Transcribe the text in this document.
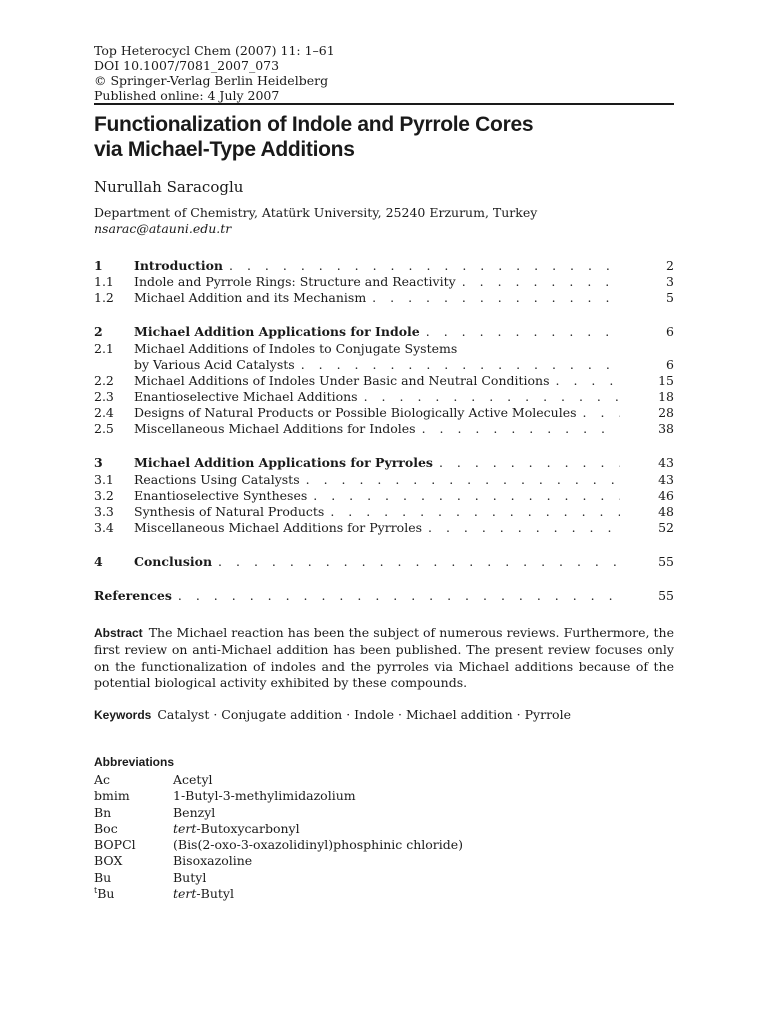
Top Heterocycl Chem (2007) 11: 1–61
DOI 10.1007/7081_2007_073
© Springer-Verlag Berlin Heidelberg
Published online: 4 July 2007
Functionalization of Indole and Pyrrole Cores
via Michael-Type Additions
Nurullah Saracoglu
Department of Chemistry, Atatürk University, 25240 Erzurum, Turkey
nsarac@atauni.edu.tr
1	Introduction . . .	2
1.1	Indole and Pyrrole Rings: Structure and Reactivity . . .	3
1.2	Michael Addition and its Mechanism . . .	5
2	Michael Addition Applications for Indole . . .	6
2.1	Michael Additions of Indoles to Conjugate Systems
by Various Acid Catalysts . . .	6
2.2	Michael Additions of Indoles Under Basic and Neutral Conditions . . .	15
2.3	Enantioselective Michael Additions . . .	18
2.4	Designs of Natural Products or Possible Biologically Active Molecules . . .	28
2.5	Miscellaneous Michael Additions for Indoles . . .	38
3	Michael Addition Applications for Pyrroles . . .	43
3.1	Reactions Using Catalysts . . .	43
3.2	Enantioselective Syntheses . . .	46
3.3	Synthesis of Natural Products . . .	48
3.4	Miscellaneous Michael Additions for Pyrroles . . .	52
4	Conclusion . . .	55
References . . .	55

Abstract The Michael reaction has been the subject of numerous reviews. Furthermore, the first review on anti-Michael addition has been published. The present review focuses only on the functionalization of indoles and the pyrroles via Michael additions because of the potential biological activity exhibited by these compounds.

Keywords Catalyst · Conjugate addition · Indole · Michael addition · Pyrrole
Abbreviations
Ac	Acetyl
bmim	1-Butyl-3-methylimidazolium
Bn	Benzyl
Boc	tert-Butoxycarbonyl
BOPCl	(Bis(2-oxo-3-oxazolidinyl)phosphinic chloride)
BOX	Bisoxazoline
Bu	Butyl
$^t$Bu	tert-Butyl
